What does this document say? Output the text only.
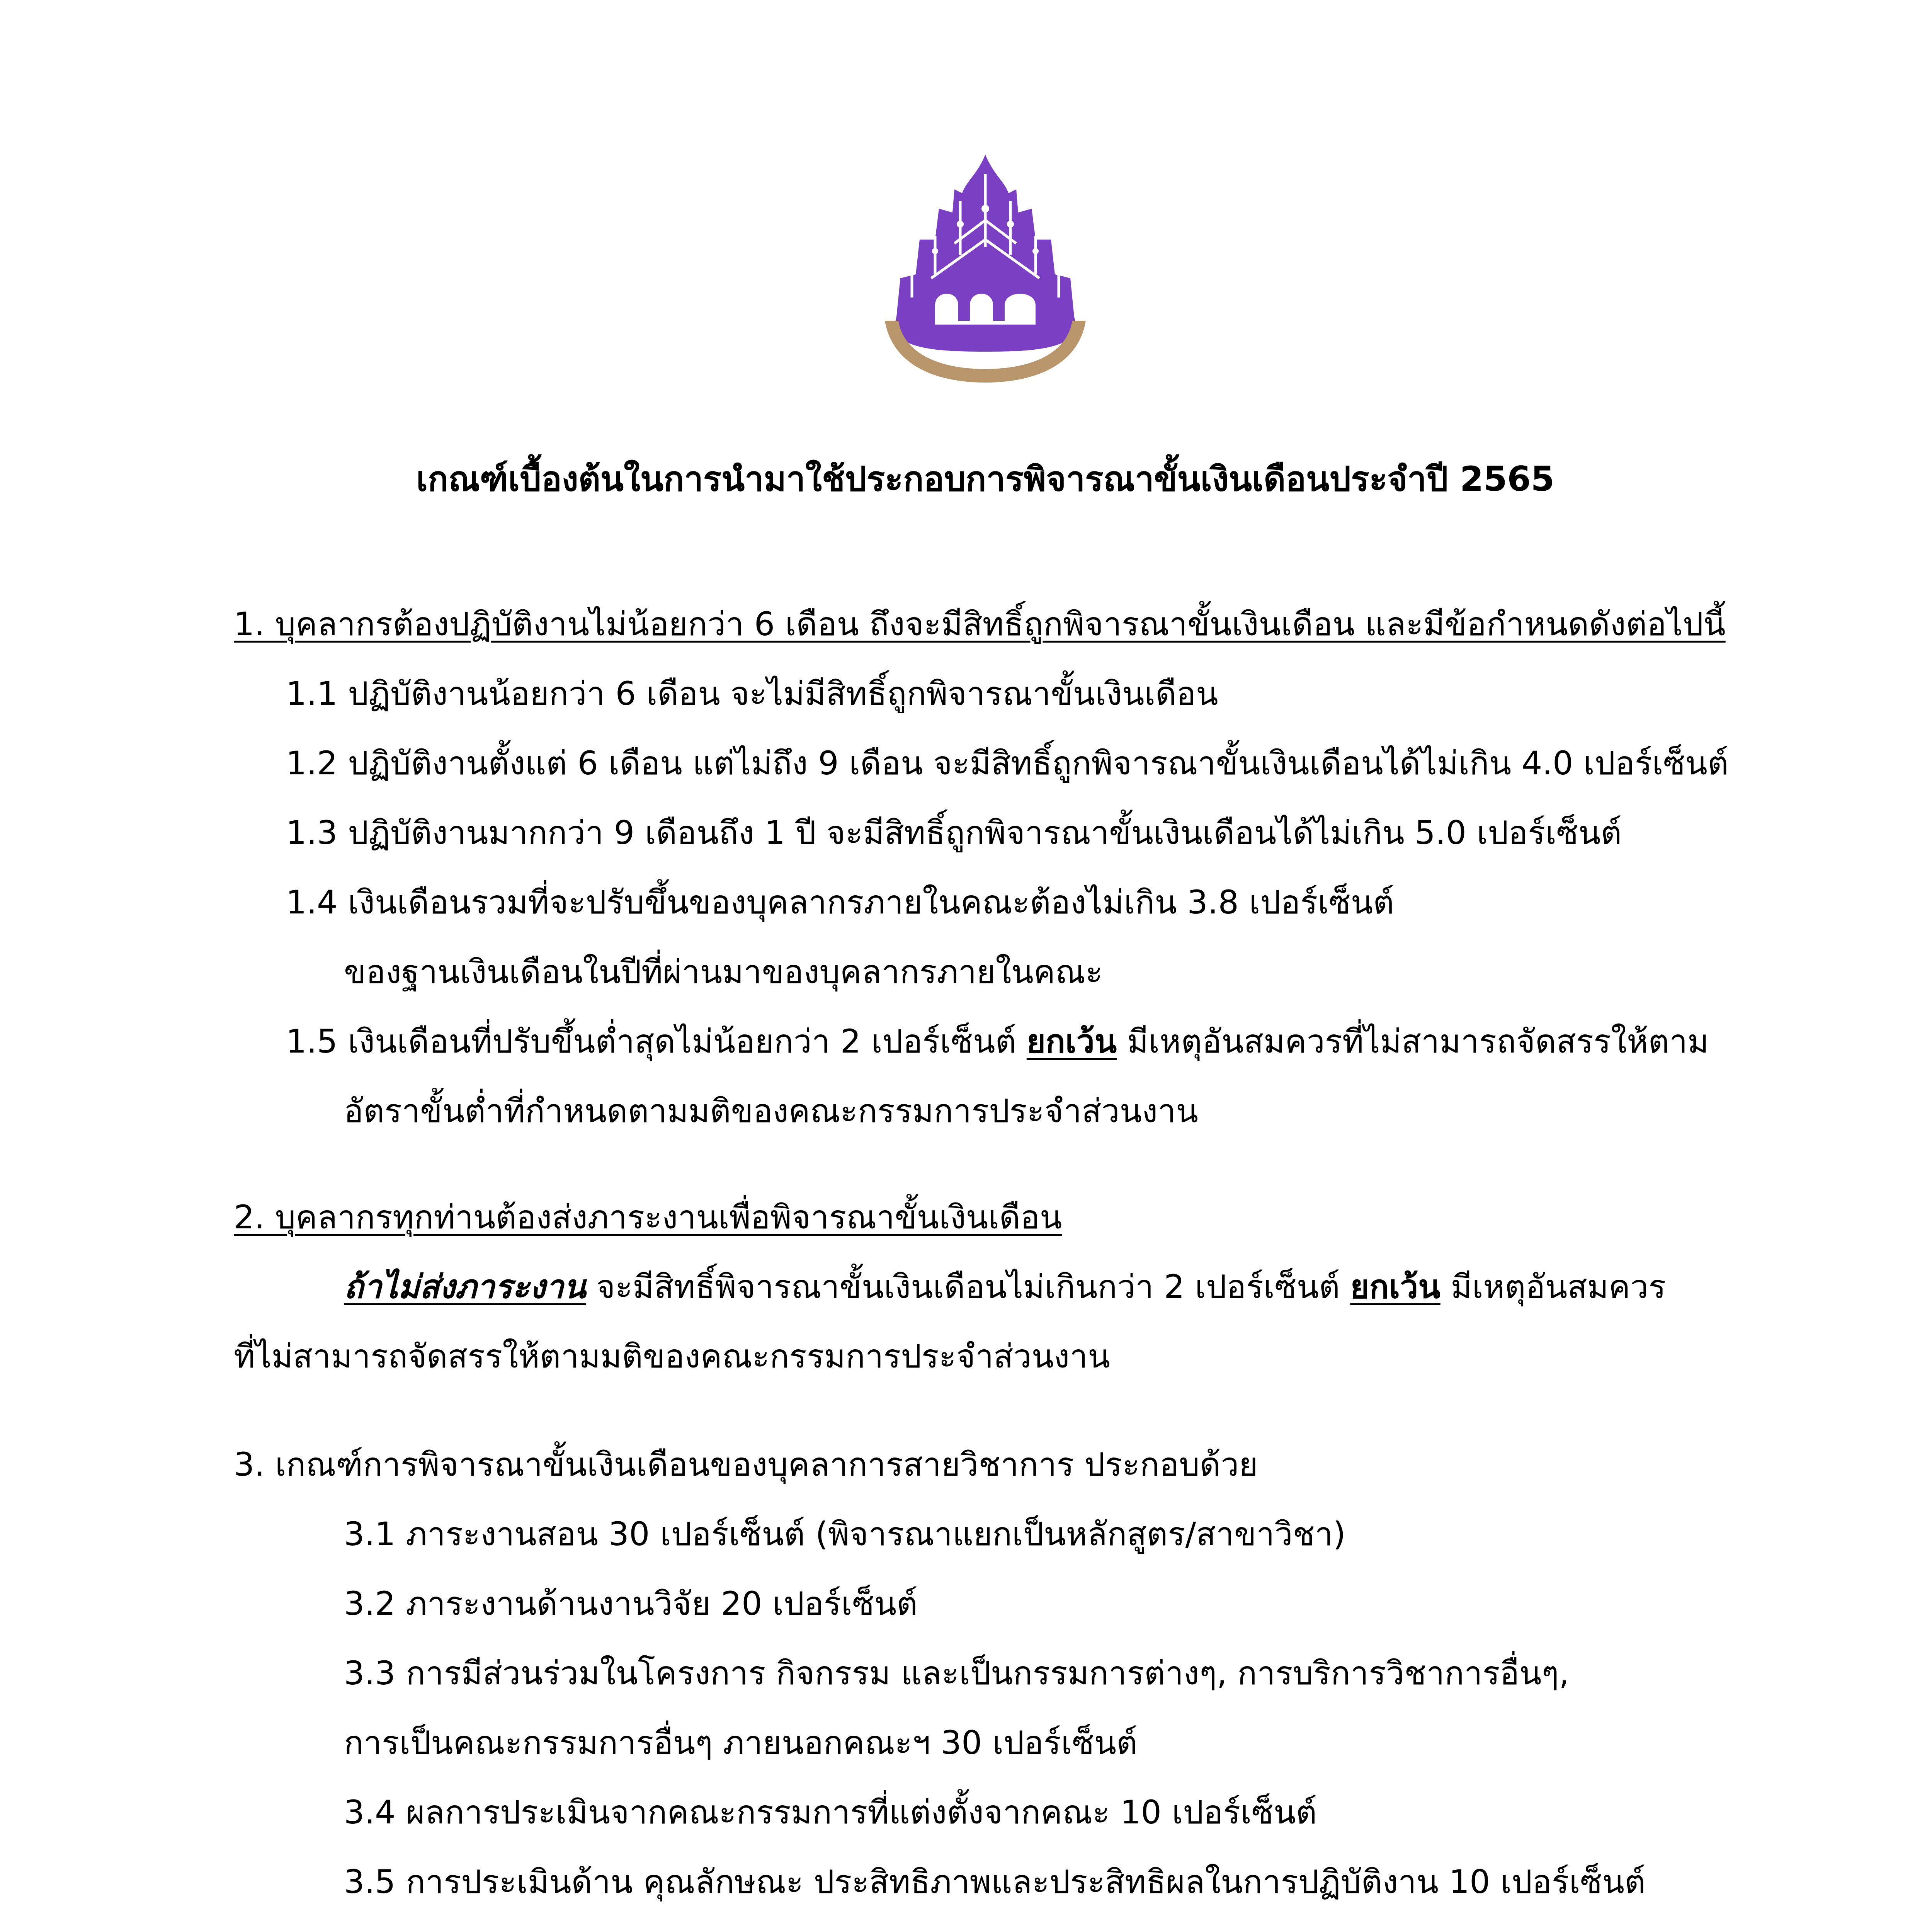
เกณฑ์เบื้องต้นในการนำมาใช้ประกอบการพิจารณาขั้นเงินเดือนประจำปี 2565
1. บุคลากรต้องปฏิบัติงานไม่น้อยกว่า 6 เดือน ถึงจะมีสิทธิ์ถูกพิจารณาขั้นเงินเดือน และมีข้อกำหนดดังต่อไปนี้
1.1 ปฏิบัติงานน้อยกว่า 6 เดือน จะไม่มีสิทธิ์ถูกพิจารณาขั้นเงินเดือน
1.2 ปฏิบัติงานตั้งแต่ 6 เดือน แต่ไม่ถึง 9 เดือน จะมีสิทธิ์ถูกพิจารณาขั้นเงินเดือนได้ไม่เกิน 4.0 เปอร์เซ็นต์
1.3 ปฏิบัติงานมากกว่า 9 เดือนถึง 1 ปี จะมีสิทธิ์ถูกพิจารณาขั้นเงินเดือนได้ไม่เกิน 5.0 เปอร์เซ็นต์
1.4 เงินเดือนรวมที่จะปรับขึ้นของบุคลากรภายในคณะต้องไม่เกิน 3.8 เปอร์เซ็นต์
ของฐานเงินเดือนในปีที่ผ่านมาของบุคลากรภายในคณะ
1.5 เงินเดือนที่ปรับขึ้นต่ำสุดไม่น้อยกว่า 2 เปอร์เซ็นต์ ยกเว้น มีเหตุอันสมควรที่ไม่สามารถจัดสรรให้ตาม
อัตราขั้นต่ำที่กำหนดตามมติของคณะกรรมการประจำส่วนงาน
2. บุคลากรทุกท่านต้องส่งภาระงานเพื่อพิจารณาขั้นเงินเดือน
ถ้าไม่ส่งภาระงาน จะมีสิทธิ์พิจารณาขั้นเงินเดือนไม่เกินกว่า 2 เปอร์เซ็นต์ ยกเว้น มีเหตุอันสมควร
ที่ไม่สามารถจัดสรรให้ตามมติของคณะกรรมการประจำส่วนงาน
3. เกณฑ์การพิจารณาขั้นเงินเดือนของบุคลาการสายวิชาการ ประกอบด้วย
3.1 ภาระงานสอน 30 เปอร์เซ็นต์ (พิจารณาแยกเป็นหลักสูตร/สาขาวิชา)
3.2 ภาระงานด้านงานวิจัย 20 เปอร์เซ็นต์
3.3 การมีส่วนร่วมในโครงการ กิจกรรม และเป็นกรรมการต่างๆ, การบริการวิชาการอื่นๆ,
การเป็นคณะกรรมการอื่นๆ ภายนอกคณะฯ 30 เปอร์เซ็นต์
3.4 ผลการประเมินจากคณะกรรมการที่แต่งตั้งจากคณะ 10 เปอร์เซ็นต์
3.5 การประเมินด้าน คุณลักษณะ ประสิทธิภาพและประสิทธิผลในการปฏิบัติงาน 10 เปอร์เซ็นต์
